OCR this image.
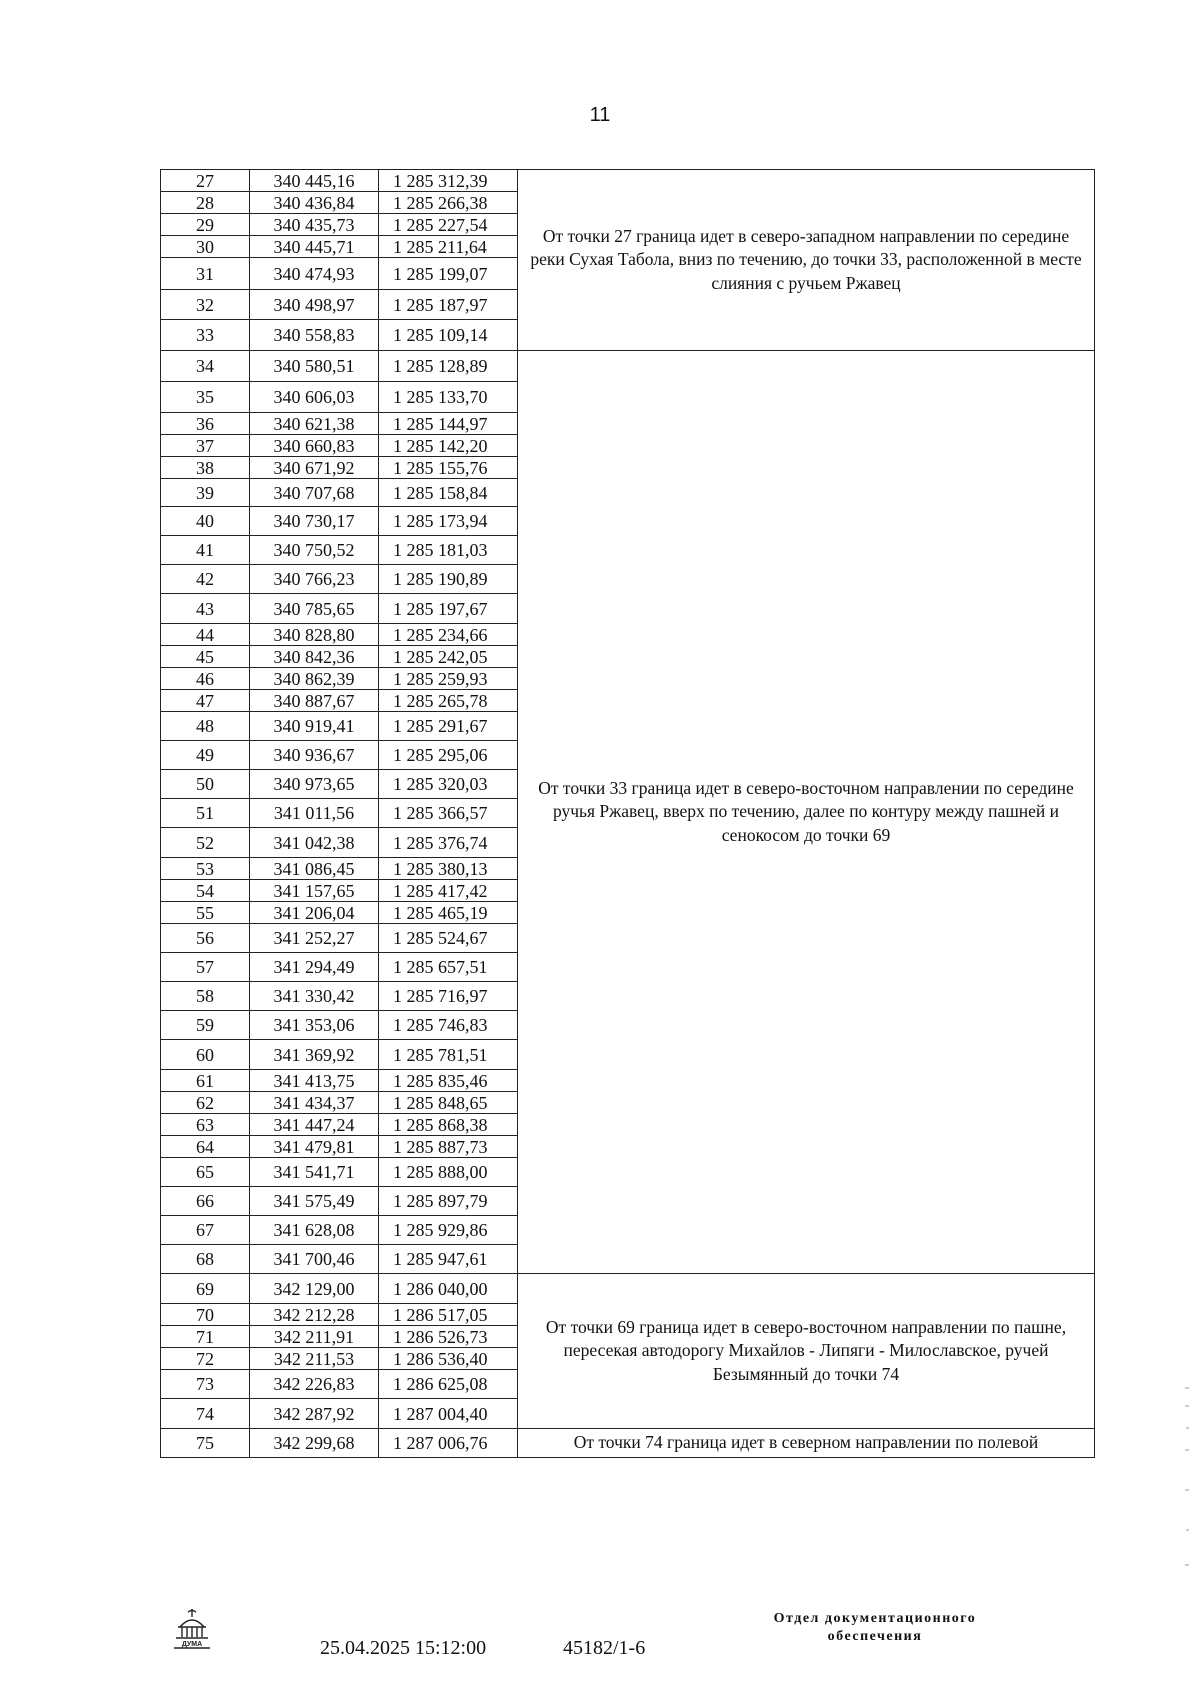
11
27	340 445,16	1 285 312,39	От точки 27 граница идет в северо-западном направлении по середине реки Сухая Табола, вниз по течению, до точки 33, расположенной в месте слияния с ручьем Ржавец
28	340 436,84	1 285 266,38	
29	340 435,73	1 285 227,54	
30	340 445,71	1 285 211,64	
31	340 474,93	1 285 199,07	
32	340 498,97	1 285 187,97	
33	340 558,83	1 285 109,14	
34	340 580,51	1 285 128,89	От точки 33 граница идет в северо-восточном направлении по середине ручья Ржавец, вверх по течению, далее по контуру между пашней и сенокосом до точки 69
35	340 606,03	1 285 133,70	
36	340 621,38	1 285 144,97	
37	340 660,83	1 285 142,20	
38	340 671,92	1 285 155,76	
39	340 707,68	1 285 158,84	
40	340 730,17	1 285 173,94	
41	340 750,52	1 285 181,03	
42	340 766,23	1 285 190,89	
43	340 785,65	1 285 197,67	
44	340 828,80	1 285 234,66	
45	340 842,36	1 285 242,05	
46	340 862,39	1 285 259,93	
47	340 887,67	1 285 265,78	
48	340 919,41	1 285 291,67	
49	340 936,67	1 285 295,06	
50	340 973,65	1 285 320,03	
51	341 011,56	1 285 366,57	
52	341 042,38	1 285 376,74	
53	341 086,45	1 285 380,13	
54	341 157,65	1 285 417,42	
55	341 206,04	1 285 465,19	
56	341 252,27	1 285 524,67	
57	341 294,49	1 285 657,51	
58	341 330,42	1 285 716,97	
59	341 353,06	1 285 746,83	
60	341 369,92	1 285 781,51	
61	341 413,75	1 285 835,46	
62	341 434,37	1 285 848,65	
63	341 447,24	1 285 868,38	
64	341 479,81	1 285 887,73	
65	341 541,71	1 285 888,00	
66	341 575,49	1 285 897,79	
67	341 628,08	1 285 929,86	
68	341 700,46	1 285 947,61	
69	342 129,00	1 286 040,00	От точки 69 граница идет в северо-восточном направлении по пашне, пересекая автодорогу Михайлов - Липяги - Милославское, ручей Безымянный до точки 74
70	342 212,28	1 286 517,05	
71	342 211,91	1 286 526,73	
72	342 211,53	1 286 536,40	
73	342 226,83	1 286 625,08	
74	342 287,92	1 287 004,40	
75	342 299,68	1 287 006,76	От точки 74 граница идет в северном направлении по полевой
ДУМА	25.04.2025 15:12:00	45182/1-6
Отдел документационного
обеспечения
